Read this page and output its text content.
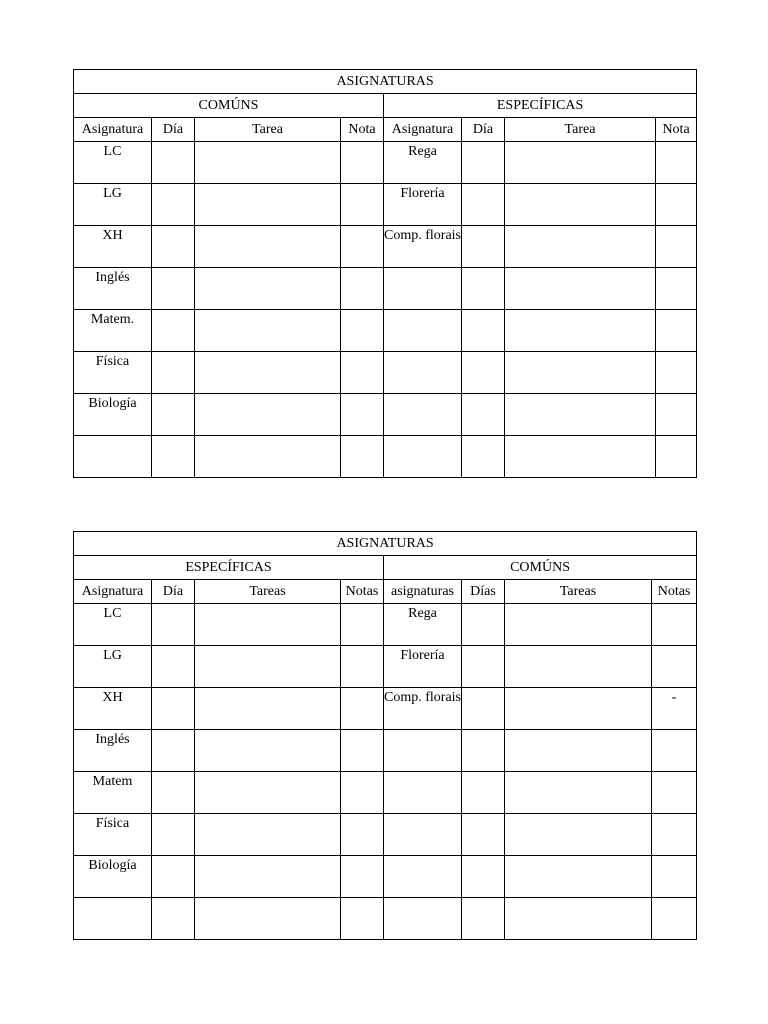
ASIGNATURAS							
COMÚNS				ESPECÍFICAS			
Asignatura	Día	Tarea	Nota	Asignatura	Día	Tarea	Nota
LC				Rega			
LG				Florería			
XH				Comp. florais			
Inglés							
Matem.							
Física							
Biología							

ASIGNATURAS							
ESPECÍFICAS				COMÚNS			
Asignatura	Día	Tareas	Notas	asignaturas	Días	Tareas	Notas
LC				Rega			
LG				Florería			
XH				Comp. florais			-
Inglés							
Matem							
Física							
Biología							
